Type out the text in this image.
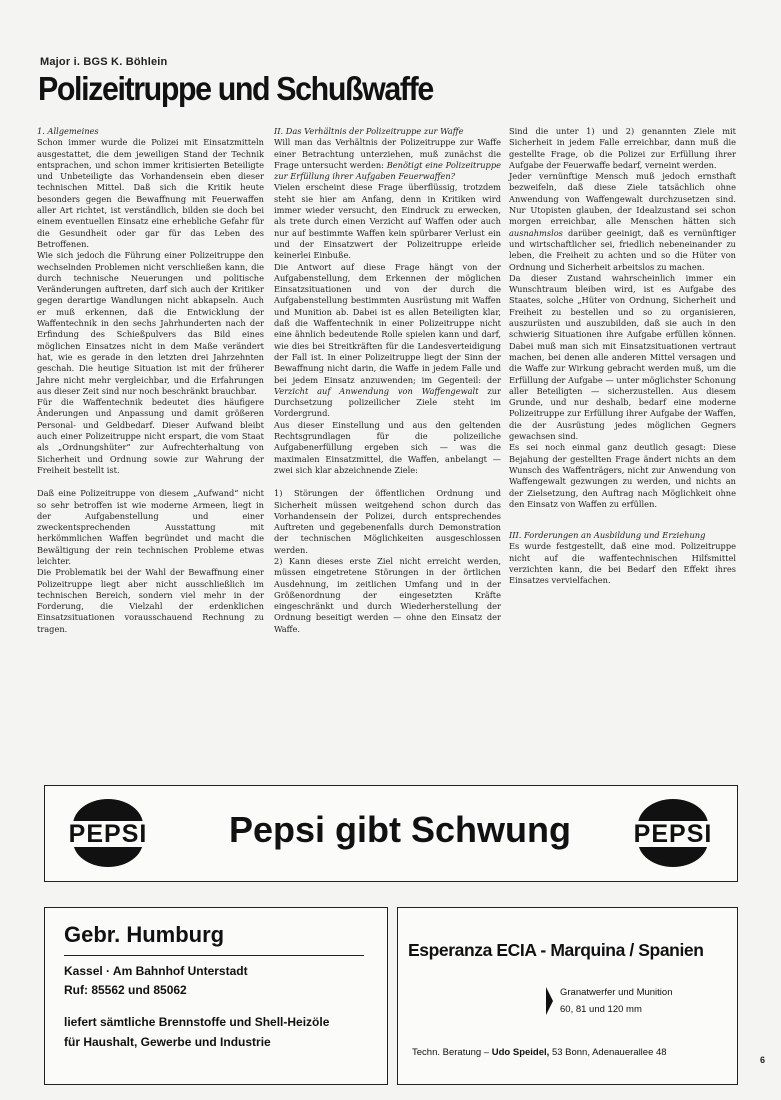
Major i. BGS K. Böhlein
Polizeitruppe und Schußwaffe

1. Allgemeines

Schon immer wurde die Polizei mit Einsatzmitteln ausgestattet, die dem jeweiligen Stand der Technik entsprachen, und schon immer kritisierten Beteiligte und Unbeteiligte das Vorhandensein eben dieser technischen Mittel. Daß sich die Kritik heute besonders gegen die Bewaffnung mit Feuerwaffen aller Art richtet, ist verständlich, bilden sie doch bei einem eventuellen Einsatz eine erhebliche Gefahr für die Gesundheit oder gar für das Leben des Betroffenen.

Wie sich jedoch die Führung einer Polizeitruppe den wechselnden Problemen nicht verschließen kann, die durch technische Neuerungen und politische Veränderungen auftreten, darf sich auch der Kritiker gegen derartige Wandlungen nicht abkapseln. Auch er muß erkennen, daß die Entwicklung der Waffentechnik in den sechs Jahrhunderten nach der Erfindung des Schießpulvers das Bild eines möglichen Einsatzes nicht in dem Maße verändert hat, wie es gerade in den letzten drei Jahrzehnten geschah. Die heutige Situation ist mit der früherer Jahre nicht mehr vergleichbar, und die Erfahrungen aus dieser Zeit sind nur noch beschränkt brauchbar.

Für die Waffentechnik bedeutet dies häufigere Änderungen und Anpassung und damit größeren Personal- und Geldbedarf. Dieser Aufwand bleibt auch einer Polizeitruppe nicht erspart, die vom Staat als „Ordnungshüter“ zur Aufrechterhaltung von Sicherheit und Ordnung sowie zur Wahrung der Freiheit bestellt ist.

Daß eine Polizeitruppe von diesem „Aufwand“ nicht so sehr betroffen ist wie moderne Armeen, liegt in der Aufgabenstellung und einer zweckentsprechenden Ausstattung mit herkömmlichen Waffen begründet und macht die Bewältigung der rein technischen Probleme etwas leichter.

Die Problematik bei der Wahl der Bewaffnung einer Polizeitruppe liegt aber nicht ausschließlich im technischen Bereich, sondern viel mehr in der Forderung, die Vielzahl der erdenklichen Einsatzsituationen vorausschauend Rechnung zu tragen.

II. Das Verhältnis der Polizeitruppe zur Waffe

Will man das Verhältnis der Polizeitruppe zur Waffe einer Betrachtung unterziehen, muß zunächst die Frage untersucht werden: Benötigt eine Polizeitruppe zur Erfüllung ihrer Aufgaben Feuerwaffen?

Vielen erscheint diese Frage überflüssig, trotzdem steht sie hier am Anfang, denn in Kritiken wird immer wieder versucht, den Eindruck zu erwecken, als trete durch einen Verzicht auf Waffen oder auch nur auf bestimmte Waffen kein spürbarer Verlust ein und der Einsatzwert der Polizeitruppe erleide keinerlei Einbuße.

Die Antwort auf diese Frage hängt von der Aufgabenstellung, dem Erkennen der möglichen Einsatzsituationen und von der durch die Aufgabenstellung bestimmten Ausrüstung mit Waffen und Munition ab. Dabei ist es allen Beteiligten klar, daß die Waffentechnik in einer Polizeitruppe nicht eine ähnlich bedeutende Rolle spielen kann und darf, wie dies bei Streitkräften für die Landesverteidigung der Fall ist. In einer Polizeitruppe liegt der Sinn der Bewaffnung nicht darin, die Waffe in jedem Falle und bei jedem Einsatz anzuwenden; im Gegenteil: der Verzicht auf Anwendung von Waffengewalt zur Durchsetzung polizeilicher Ziele steht im Vordergrund.

Aus dieser Einstellung und aus den geltenden Rechtsgrundlagen für die polizeiliche Aufgabenerfüllung ergeben sich — was die maximalen Einsatzmittel, die Waffen, anbelangt — zwei sich klar abzeichnende Ziele:

1) Störungen der öffentlichen Ordnung und Sicherheit müssen weitgehend schon durch das Vorhandensein der Polizei, durch entsprechendes Auftreten und gegebenenfalls durch Demonstration der technischen Möglichkeiten ausgeschlossen werden.

2) Kann dieses erste Ziel nicht erreicht werden, müssen eingetretene Störungen in der örtlichen Ausdehnung, im zeitlichen Umfang und in der Größenordnung der eingesetzten Kräfte eingeschränkt und durch Wiederherstellung der Ordnung beseitigt werden — ohne den Einsatz der Waffe.

Sind die unter 1) und 2) genannten Ziele mit Sicherheit in jedem Falle erreichbar, dann muß die gestellte Frage, ob die Polizei zur Erfüllung ihrer Aufgabe der Feuerwaffe bedarf, verneint werden.

Jeder vernünftige Mensch muß jedoch ernsthaft bezweifeln, daß diese Ziele tatsächlich ohne Anwendung von Waffengewalt durchzusetzen sind. Nur Utopisten glauben, der Idealzustand sei schon morgen erreichbar, alle Menschen hätten sich ausnahmslos darüber geeinigt, daß es vernünftiger und wirtschaftlicher sei, friedlich nebeneinander zu leben, die Freiheit zu achten und so die Hüter von Ordnung und Sicherheit arbeitslos zu machen.

Da dieser Zustand wahrscheinlich immer ein Wunschtraum bleiben wird, ist es Aufgabe des Staates, solche „Hüter von Ordnung, Sicherheit und Freiheit zu bestellen und so zu organisieren, auszurüsten und auszubilden, daß sie auch in den schwierig Situationen ihre Aufgabe erfüllen können. Dabei muß man sich mit Einsatzsituationen vertraut machen, bei denen alle anderen Mittel versagen und die Waffe zur Wirkung gebracht werden muß, um die Erfüllung der Aufgabe — unter möglichster Schonung aller Beteiligten — sicherzustellen. Aus diesem Grunde, und nur deshalb, bedarf eine moderne Polizeitruppe zur Erfüllung ihrer Aufgabe der Waffen, die der Ausrüstung jedes möglichen Gegners gewachsen sind.

Es sei noch einmal ganz deutlich gesagt: Diese Bejahung der gestellten Frage ändert nichts an dem Wunsch des Waffenträgers, nicht zur Anwendung von Waffengewalt gezwungen zu werden, und nichts an der Zielsetzung, den Auftrag nach Möglichkeit ohne den Einsatz von Waffen zu erfüllen.

III. Forderungen an Ausbildung und Erziehung

Es wurde festgestellt, daß eine mod. Polizeitruppe nicht auf die waffentechnischen Hilfsmittel verzichten kann, die bei Bedarf den Effekt ihres Einsatzes vervielfachen.

PEPSI	Pepsi gibt Schwung	PEPSI
Gebr. Humburg
Kassel · Am Bahnhof Unterstadt
Ruf: 85562 und 85062
liefert sämtliche Brennstoffe und Shell-Heizöle
für Haushalt, Gewerbe und Industrie
Esperanza ECIA - Marquina / Spanien
Granatwerfer und Munition
60, 81 und 120 mm
Techn. Beratung – Udo Speidel, 53 Bonn, Adenauerallee 48
6
